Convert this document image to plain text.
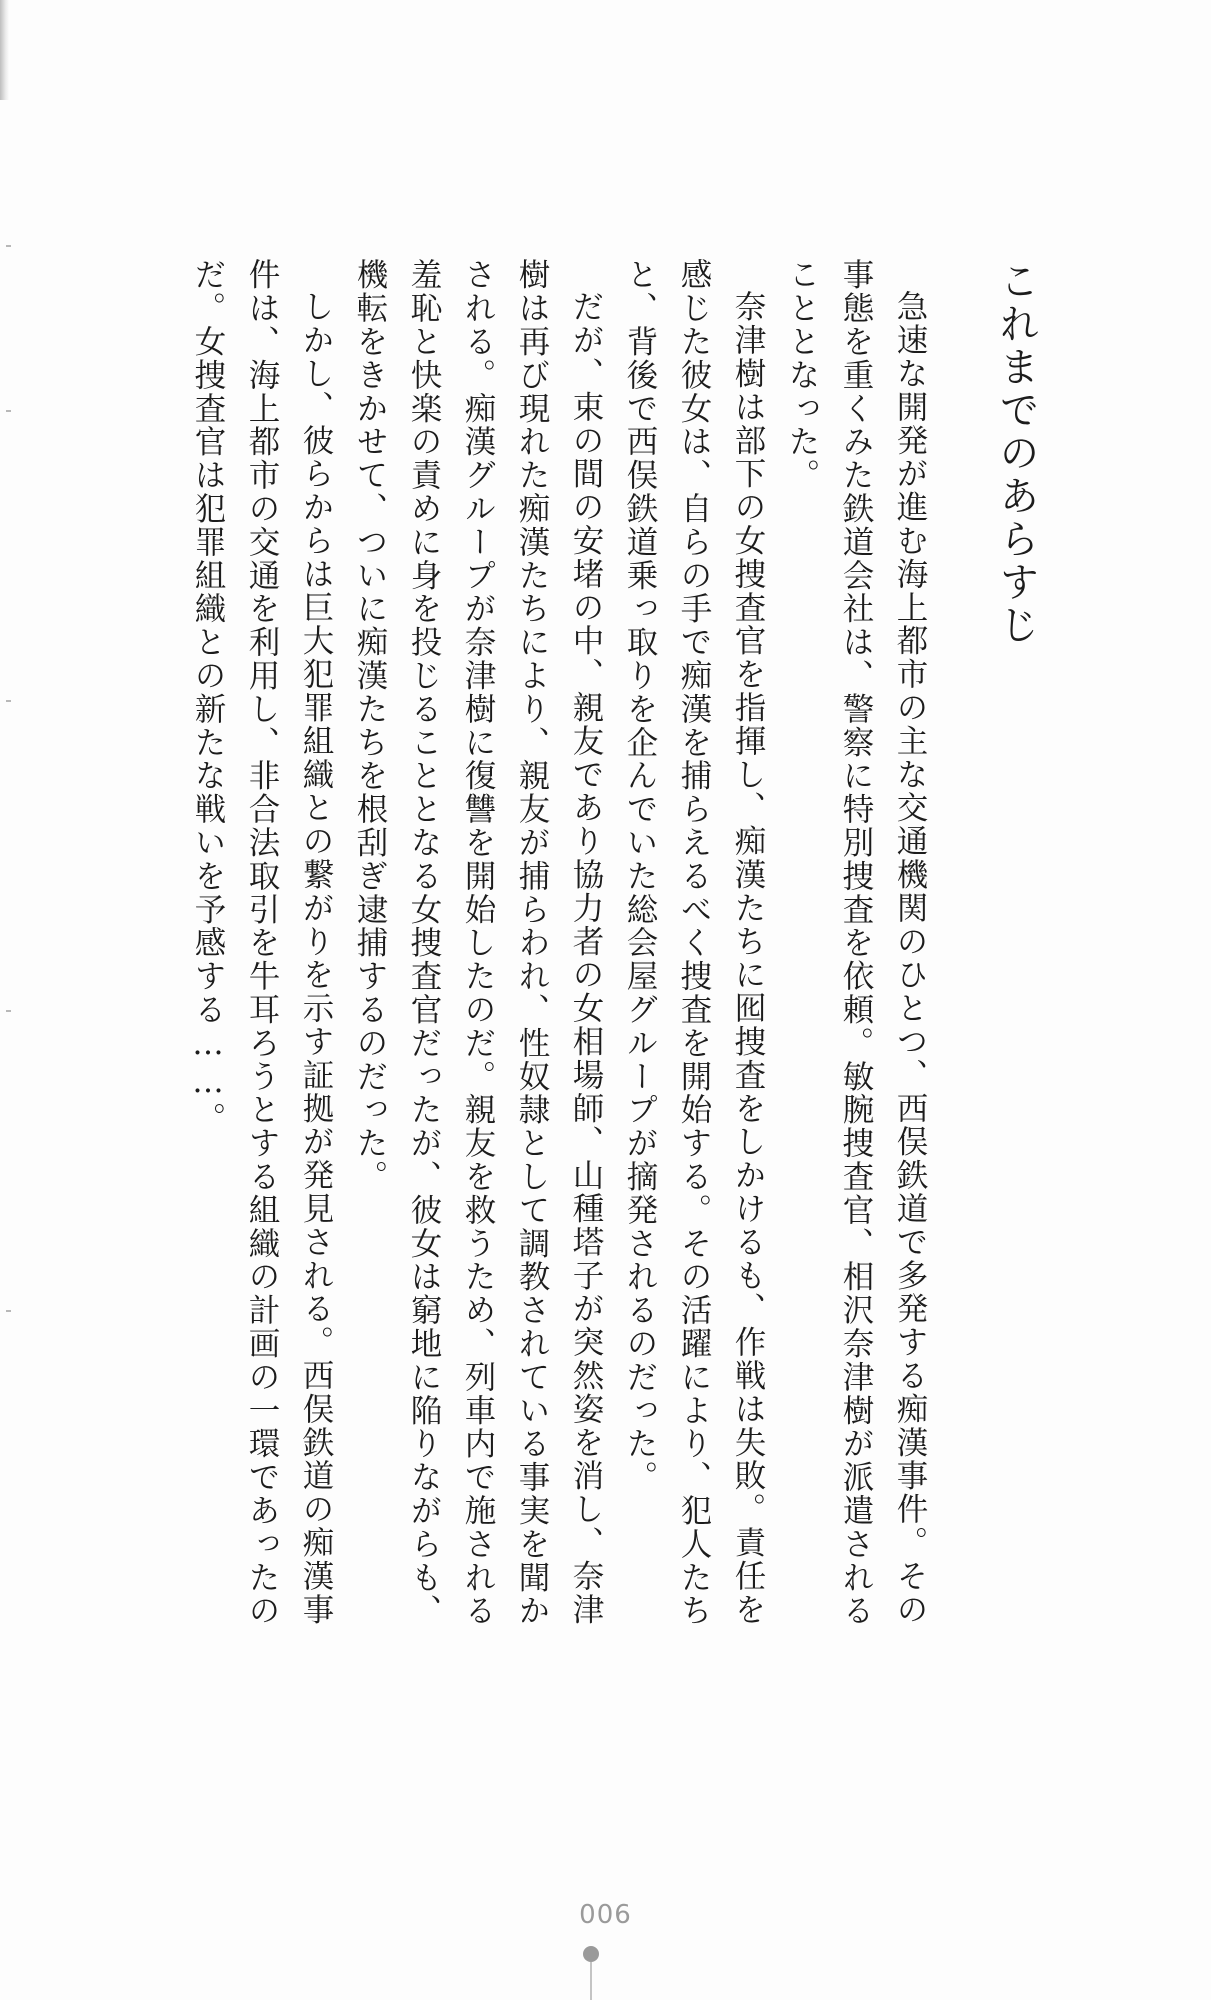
これまでのあらすじ

急速な開発が進む海上都市の主な交通機関のひとつ、西俣鉄道で多発する痴漢事件。その事態を重くみた鉄道会社は、警察に特別捜査を依頼。敏腕捜査官、相沢奈津樹が派遣されることとなった。

奈津樹は部下の女捜査官を指揮し、痴漢たちに囮捜査をしかけるも、作戦は失敗。責任を感じた彼女は、自らの手で痴漢を捕らえるべく捜査を開始する。その活躍により、犯人たちと、背後で西俣鉄道乗っ取りを企んでいた総会屋グループが摘発されるのだった。

だが、束の間の安堵の中、親友であり協力者の女相場師、山種塔子が突然姿を消し、奈津樹は再び現れた痴漢たちにより、親友が捕らわれ、性奴隷として調教されている事実を聞かされる。痴漢グループが奈津樹に復讐を開始したのだ。親友を救うため、列車内で施される羞恥と快楽の責めに身を投じることとなる女捜査官だったが、彼女は窮地に陥りながらも、機転をきかせて、ついに痴漢たちを根刮ぎ逮捕するのだった。

しかし、彼らからは巨大犯罪組織との繋がりを示す証拠が発見される。西俣鉄道の痴漢事件は、海上都市の交通を利用し、非合法取引を牛耳ろうとする組織の計画の一環であったのだ。女捜査官は犯罪組織との新たな戦いを予感する……。

006
